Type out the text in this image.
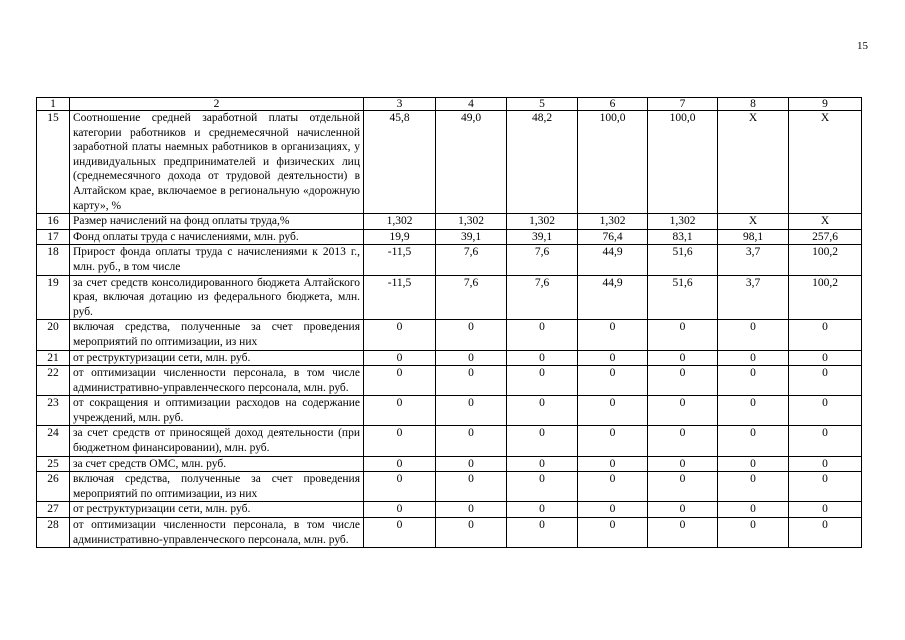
15
1	2	3	4	5	6	7	8	9
15	Соотношение средней заработной платы отдельной категории работников и среднемесячной начисленной заработной платы наемных работников в организациях, у индивидуальных предпринимателей и физических лиц (среднемесячного дохода от трудовой деятельности) в Алтайском крае, включаемое в региональную «дорожную карту», %	45,8	49,0	48,2	100,0	100,0	X	X
16	Размер начислений на фонд оплаты труда,%	1,302	1,302	1,302	1,302	1,302	X	X
17	Фонд оплаты труда с начислениями, млн. руб.	19,9	39,1	39,1	76,4	83,1	98,1	257,6
18	Прирост фонда оплаты труда с начислениями к 2013 г., млн. руб., в том числе	-11,5	7,6	7,6	44,9	51,6	3,7	100,2
19	за счет средств консолидированного бюджета Алтайского края, включая дотацию из федерального бюджета, млн. руб.	-11,5	7,6	7,6	44,9	51,6	3,7	100,2
20	включая средства, полученные за счет проведения мероприятий по оптимизации, из них	0	0	0	0	0	0	0
21	от реструктуризации сети, млн. руб.	0	0	0	0	0	0	0
22	от оптимизации численности персонала, в том числе административно-управленческого персонала, млн. руб.	0	0	0	0	0	0	0
23	от сокращения и оптимизации расходов на содержание учреждений, млн. руб.	0	0	0	0	0	0	0
24	за счет средств от приносящей доход деятельности (при бюджетном финансировании), млн. руб.	0	0	0	0	0	0	0
25	за счет средств ОМС, млн. руб.	0	0	0	0	0	0	0
26	включая средства, полученные за счет проведения мероприятий по оптимизации, из них	0	0	0	0	0	0	0
27	от реструктуризации сети, млн. руб.	0	0	0	0	0	0	0
28	от оптимизации численности персонала, в том числе административно-управленческого персонала, млн. руб.	0	0	0	0	0	0	0
